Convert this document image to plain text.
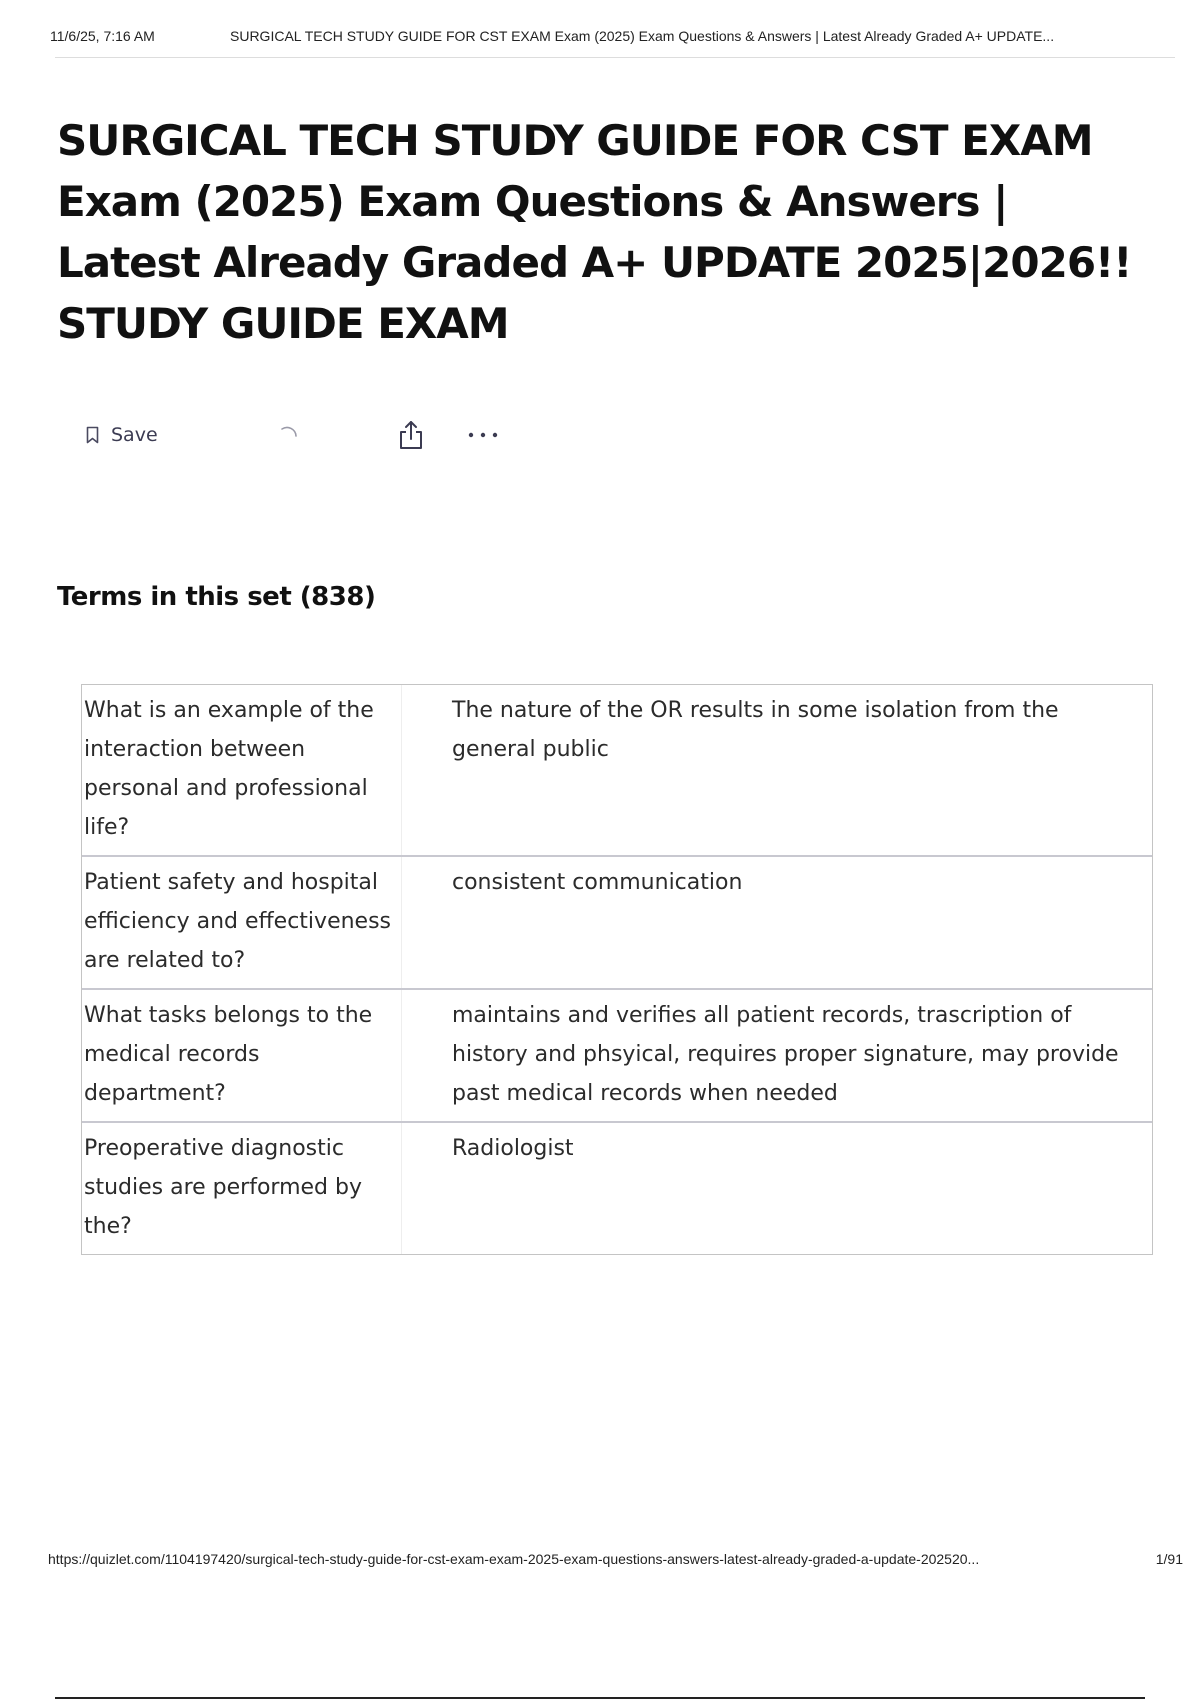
11/6/25, 7:16 AM	SURGICAL TECH STUDY GUIDE FOR CST EXAM Exam (2025) Exam Questions & Answers | Latest Already Graded A+ UPDATE...
SURGICAL TECH STUDY GUIDE FOR CST EXAM Exam (2025) Exam Questions & Answers | Latest Already Graded A+ UPDATE 2025|2026!! STUDY GUIDE EXAM
Save
Terms in this set (838)
What is an example of the interaction between personal and professional life?
The nature of the OR results in some isolation from the general public
Patient safety and hospital efficiency and effectiveness are related to?
consistent communication
What tasks belongs to the medical records department?
maintains and verifies all patient records, trascription of history and phsyical, requires proper signature, may provide past medical records when needed
Preoperative diagnostic studies are performed by the?
Radiologist
https://quizlet.com/1104197420/surgical-tech-study-guide-for-cst-exam-exam-2025-exam-questions-answers-latest-already-graded-a-update-202520...	1/91
